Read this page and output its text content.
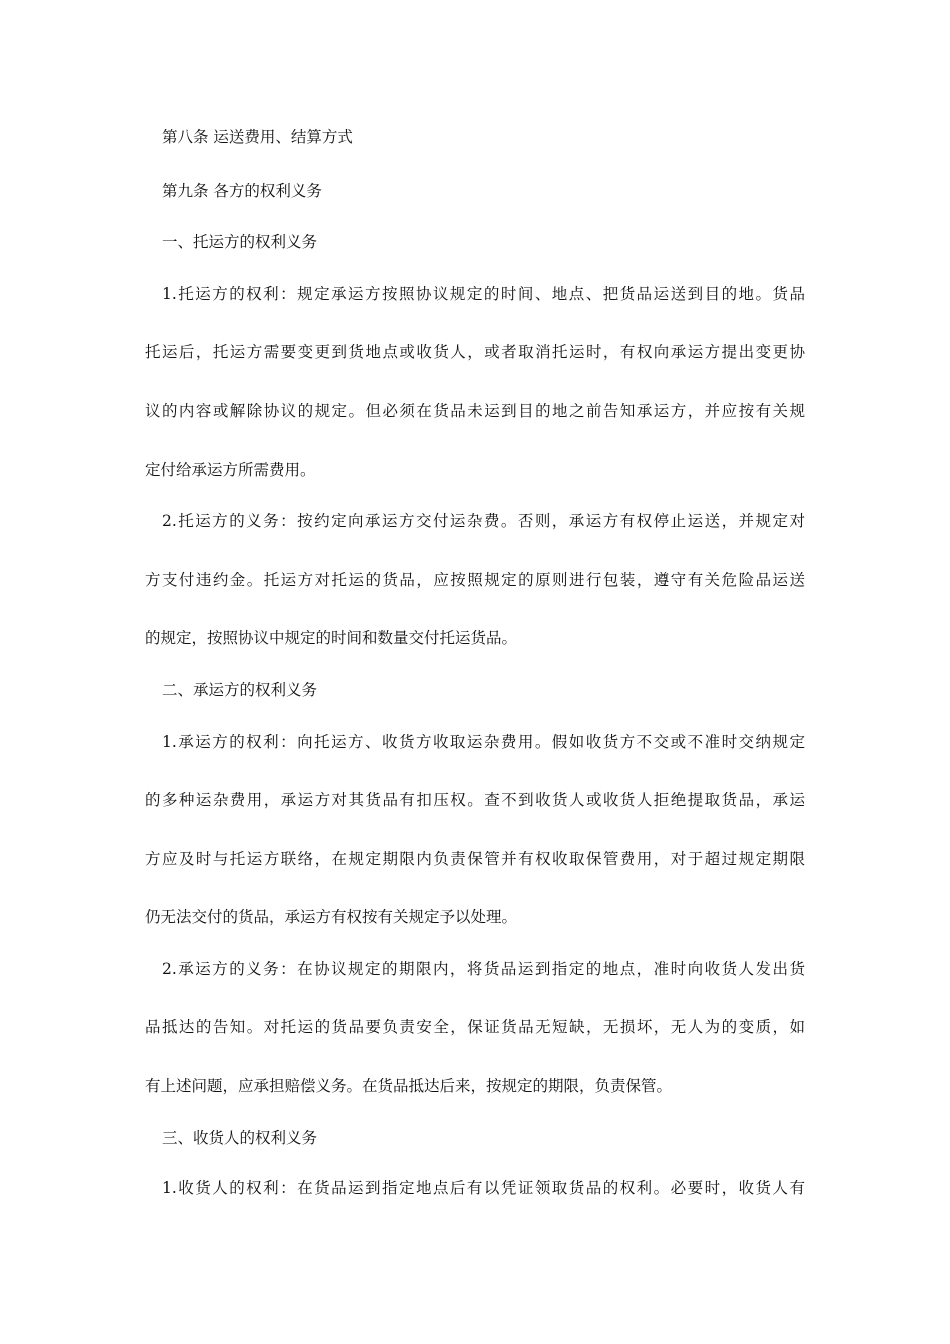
第八条 运送费用、结算方式
第九条 各方的权利义务
一、托运方的权利义务
1.托运方的权利：规定承运方按照协议规定的时间、地点、把货品运送到目的地。货品
托运后，托运方需要变更到货地点或收货人，或者取消托运时，有权向承运方提出变更协
议的内容或解除协议的规定。但必须在货品未运到目的地之前告知承运方，并应按有关规
定付给承运方所需费用。
2.托运方的义务：按约定向承运方交付运杂费。否则，承运方有权停止运送，并规定对
方支付违约金。托运方对托运的货品，应按照规定的原则进行包装，遵守有关危险品运送
的规定，按照协议中规定的时间和数量交付托运货品。
二、承运方的权利义务
1.承运方的权利：向托运方、收货方收取运杂费用。假如收货方不交或不准时交纳规定
的多种运杂费用，承运方对其货品有扣压权。查不到收货人或收货人拒绝提取货品，承运
方应及时与托运方联络，在规定期限内负责保管并有权收取保管费用，对于超过规定期限
仍无法交付的货品，承运方有权按有关规定予以处理。
2.承运方的义务：在协议规定的期限内，将货品运到指定的地点，准时向收货人发出货
品抵达的告知。对托运的货品要负责安全，保证货品无短缺，无损坏，无人为的变质，如
有上述问题，应承担赔偿义务。在货品抵达后来，按规定的期限，负责保管。
三、收货人的权利义务
1.收货人的权利：在货品运到指定地点后有以凭证领取货品的权利。必要时，收货人有
